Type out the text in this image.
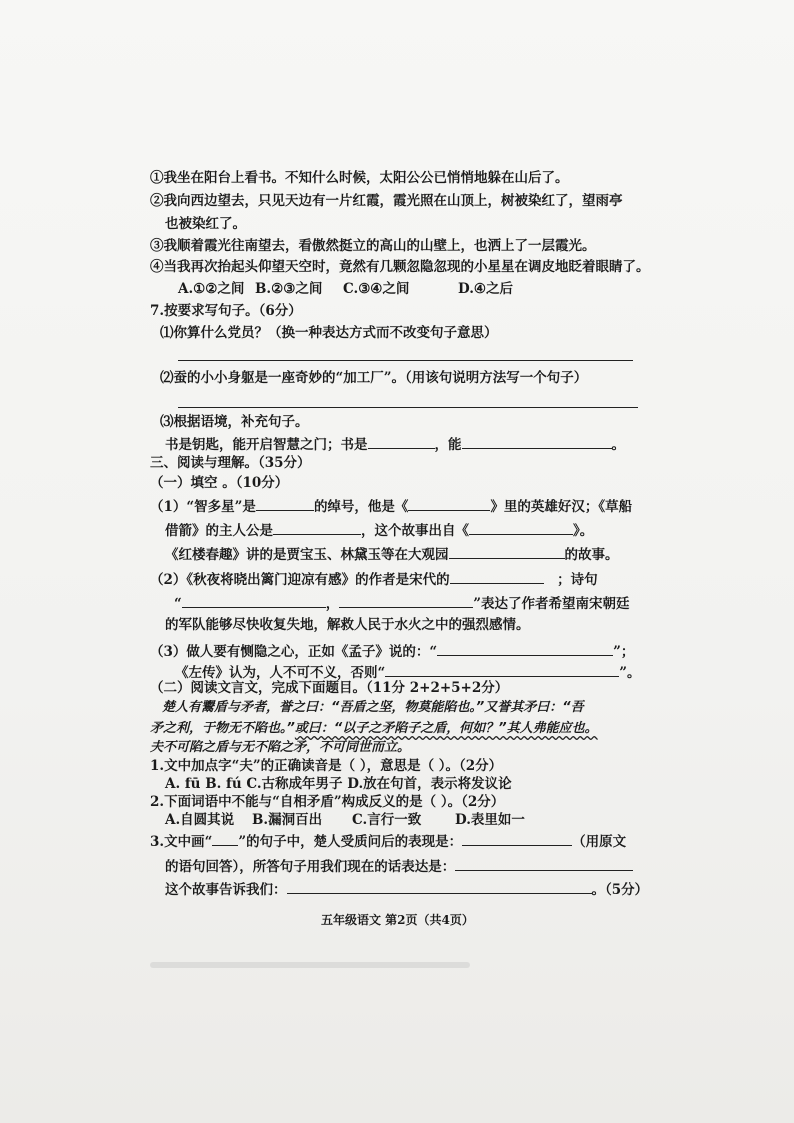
①我坐在阳台上看书。不知什么时候，太阳公公已悄悄地躲在山后了。
②我向西边望去，只见天边有一片红霞，霞光照在山顶上，树被染红了，望雨亭
也被染红了。
③我顺着霞光往南望去，看傲然挺立的高山的山壁上，也洒上了一层霞光。
④当我再次抬起头仰望天空时，竟然有几颗忽隐忽现的小星星在调皮地眨着眼睛了。
A.①②之间 B.②③之间 C.③④之间	D.④之后
7.按要求写句子。（6分）
⑴你算什么党员？（换一种表达方式而不改变句子意思）
⑵蚕的小小身躯是一座奇妙的“加工厂”。（用该句说明方法写一个句子）
⑶根据语境，补充句子。
书是钥匙，能开启智慧之门；书是	，能	。
三、阅读与理解。（35分）
（一）填空 。（10分）
（1）“智多星”是	的绰号，他是《	》里的英雄好汉；《草船
借箭》的主人公是	，这个故事出自《	》。
《红楼春趣》讲的是贾宝玉、林黛玉等在大观园	的故事。
（2）《秋夜将晓出篱门迎凉有感》的作者是宋代的　	；诗句
“	，	”表达了作者希望南宋朝廷
的军队能够尽快收复失地，解救人民于水火之中的强烈感情。
（3）做人要有恻隐之心，正如《孟子》说的：“	”；
《左传》认为，人不可不义，否则“	”。
（二）阅读文言文，完成下面题目。（11分 2+2+5+2分）
楚人有鬻盾与矛者，誉之曰：“吾盾之坚，物莫能陷也。”又誉其矛曰：“吾
矛之利，于物无不陷也。”或曰：“以子之矛陷子之盾，何如？”其人弗能应也。
夫不可陷之盾与无不陷之矛，不可同世而立。
1.文中加点字“夫”的正确读音是（ ），意思是（ ）。（2分）
A. fū B. fú C.古称成年男子 D.放在句首，表示将发议论
2.下面词语中不能与“自相矛盾”构成反义的是（ ）。（2分）
A.自圆其说 B.漏洞百出 C.言行一致	D.表里如一
3.文中画“ ”的句子中，楚人受质问后的表现是：	（用原文
的语句回答），所答句子用我们现在的话表达是：
这个故事告诉我们：	。（5分）
五年级语文 第2页（共4页）
